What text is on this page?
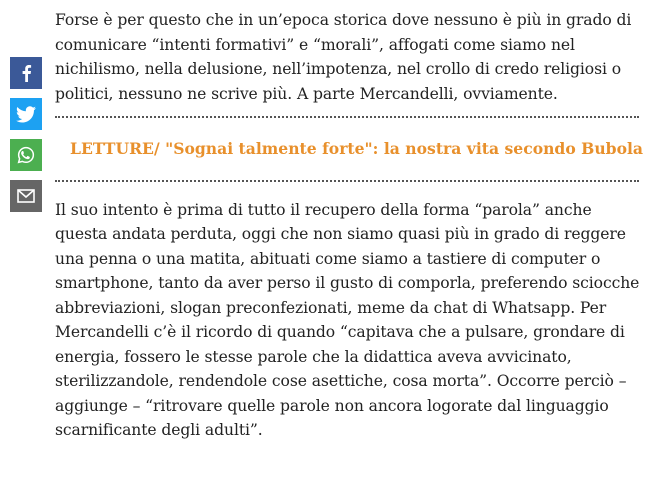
Forse è per questo che in un’epoca storica dove nessuno è più in grado di comunicare “intenti formativi” e “morali”, affogati come siamo nel nichilismo, nella delusione, nell’impotenza, nel crollo di credo religiosi o politici, nessuno ne scrive più. A parte Mercandelli, ovviamente.

LETTURE/ "Sognai talmente forte": la nostra vita secondo Bubola

Il suo intento è prima di tutto il recupero della forma “parola” anche questa andata perduta, oggi che non siamo quasi più in grado di reggere una penna o una matita, abituati come siamo a tastiere di computer o smartphone, tanto da aver perso il gusto di comporla, preferendo sciocche abbreviazioni, slogan preconfezionati, meme da chat di Whatsapp. Per Mercandelli c’è il ricordo di quando “capitava che a pulsare, grondare di energia, fossero le stesse parole che la didattica aveva avvicinato, sterilizzandole, rendendole cose asettiche, cosa morta”. Occorre perciò – aggiunge – “ritrovare quelle parole non ancora logorate dal linguaggio scarnificante degli adulti”.
